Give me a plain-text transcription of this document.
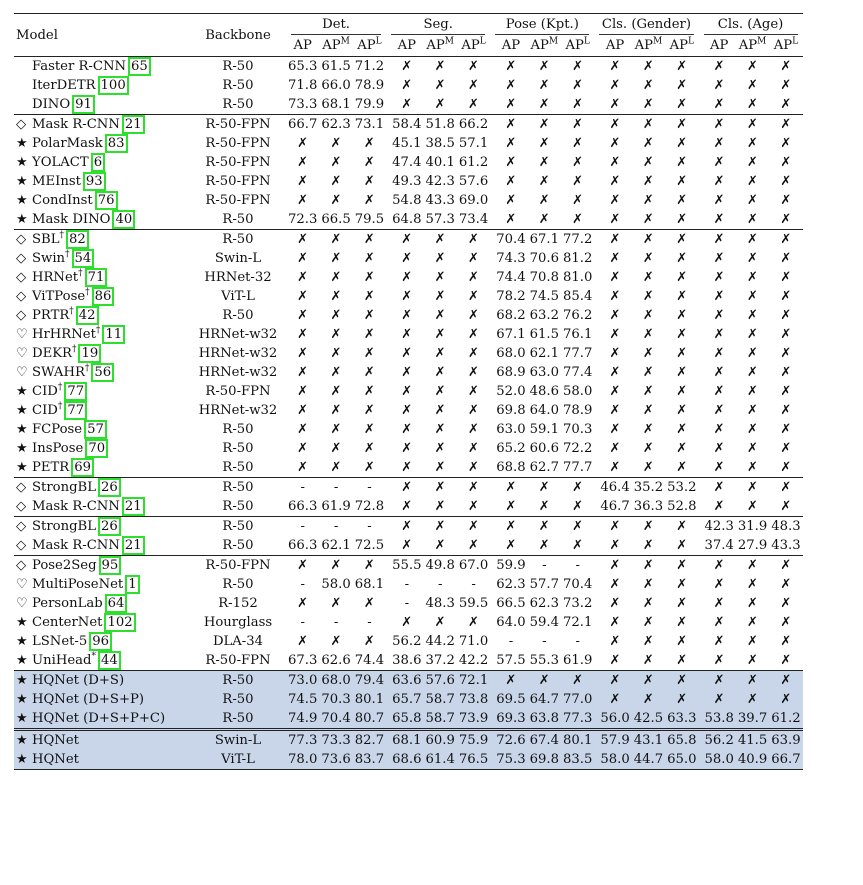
Model	Backbone	Det.			Seg.			Pose (Kpt.)			Cls. (Gender)			Cls. (Age)		
		AP	$AP^M$	$AP^L$	AP	$AP^M$	$AP^L$	AP	$AP^M$	$AP^L$	AP	$AP^M$	$AP^L$	AP	$AP^M$	$AP^L$
Faster R-CNN 65	R-50	65.3	61.5	71.2	✗	✗	✗	✗	✗	✗	✗	✗	✗	✗	✗	✗
IterDETR 100	R-50	71.8	66.0	78.9	✗	✗	✗	✗	✗	✗	✗	✗	✗	✗	✗	✗
DINO 91	R-50	73.3	68.1	79.9	✗	✗	✗	✗	✗	✗	✗	✗	✗	✗	✗	✗
◇ Mask R-CNN 21	R-50-FPN	66.7	62.3	73.1	58.4	51.8	66.2	✗	✗	✗	✗	✗	✗	✗	✗	✗
★ PolarMask 83	R-50-FPN	✗	✗	✗	45.1	38.5	57.1	✗	✗	✗	✗	✗	✗	✗	✗	✗
★ YOLACT 6	R-50-FPN	✗	✗	✗	47.4	40.1	61.2	✗	✗	✗	✗	✗	✗	✗	✗	✗
★ MEInst 93	R-50-FPN	✗	✗	✗	49.3	42.3	57.6	✗	✗	✗	✗	✗	✗	✗	✗	✗
★ CondInst 76	R-50-FPN	✗	✗	✗	54.8	43.3	69.0	✗	✗	✗	✗	✗	✗	✗	✗	✗
★ Mask DINO 40	R-50	72.3	66.5	79.5	64.8	57.3	73.4	✗	✗	✗	✗	✗	✗	✗	✗	✗
◇ SBL† 82	R-50	✗	✗	✗	✗	✗	✗	70.4	67.1	77.2	✗	✗	✗	✗	✗	✗
◇ Swin† 54	Swin-L	✗	✗	✗	✗	✗	✗	74.3	70.6	81.2	✗	✗	✗	✗	✗	✗
◇ HRNet† 71	HRNet-32	✗	✗	✗	✗	✗	✗	74.4	70.8	81.0	✗	✗	✗	✗	✗	✗
◇ ViTPose† 86	ViT-L	✗	✗	✗	✗	✗	✗	78.2	74.5	85.4	✗	✗	✗	✗	✗	✗
◇ PRTR† 42	R-50	✗	✗	✗	✗	✗	✗	68.2	63.2	76.2	✗	✗	✗	✗	✗	✗
♡ HrHRNet† 11	HRNet-w32	✗	✗	✗	✗	✗	✗	67.1	61.5	76.1	✗	✗	✗	✗	✗	✗
♡ DEKR† 19	HRNet-w32	✗	✗	✗	✗	✗	✗	68.0	62.1	77.7	✗	✗	✗	✗	✗	✗
♡ SWAHR† 56	HRNet-w32	✗	✗	✗	✗	✗	✗	68.9	63.0	77.4	✗	✗	✗	✗	✗	✗
★ CID† 77	R-50-FPN	✗	✗	✗	✗	✗	✗	52.0	48.6	58.0	✗	✗	✗	✗	✗	✗
★ CID† 77	HRNet-w32	✗	✗	✗	✗	✗	✗	69.8	64.0	78.9	✗	✗	✗	✗	✗	✗
★ FCPose 57	R-50	✗	✗	✗	✗	✗	✗	63.0	59.1	70.3	✗	✗	✗	✗	✗	✗
★ InsPose 70	R-50	✗	✗	✗	✗	✗	✗	65.2	60.6	72.2	✗	✗	✗	✗	✗	✗
★ PETR 69	R-50	✗	✗	✗	✗	✗	✗	68.8	62.7	77.7	✗	✗	✗	✗	✗	✗
◇ StrongBL 26	R-50	-	-	-	✗	✗	✗	✗	✗	✗	46.4	35.2	53.2	✗	✗	✗
◇ Mask R-CNN 21	R-50	66.3	61.9	72.8	✗	✗	✗	✗	✗	✗	46.7	36.3	52.8	✗	✗	✗
◇ StrongBL 26	R-50	-	-	-	✗	✗	✗	✗	✗	✗	✗	✗	✗	42.3	31.9	48.3
◇ Mask R-CNN 21	R-50	66.3	62.1	72.5	✗	✗	✗	✗	✗	✗	✗	✗	✗	37.4	27.9	43.3
◇ Pose2Seg 95	R-50-FPN	✗	✗	✗	55.5	49.8	67.0	59.9	-	-	✗	✗	✗	✗	✗	✗
♡ MultiPoseNet 1	R-50	-	58.0	68.1	-	-	-	62.3	57.7	70.4	✗	✗	✗	✗	✗	✗
♡ PersonLab 64	R-152	✗	✗	✗	-	48.3	59.5	66.5	62.3	73.2	✗	✗	✗	✗	✗	✗
★ CenterNet 102	Hourglass	-	-	-	✗	✗	✗	64.0	59.4	72.1	✗	✗	✗	✗	✗	✗
★ LSNet-5 96	DLA-34	✗	✗	✗	56.2	44.2	71.0	-	-	-	✗	✗	✗	✗	✗	✗
★ UniHead* 44	R-50-FPN	67.3	62.6	74.4	38.6	37.2	42.2	57.5	55.3	61.9	✗	✗	✗	✗	✗	✗
★ HQNet (D+S)	R-50	73.0	68.0	79.4	63.6	57.6	72.1	✗	✗	✗	✗	✗	✗	✗	✗	✗
★ HQNet (D+S+P)	R-50	74.5	70.3	80.1	65.7	58.7	73.8	69.5	64.7	77.0	✗	✗	✗	✗	✗	✗
★ HQNet (D+S+P+C)	R-50	74.9	70.4	80.7	65.8	58.7	73.9	69.3	63.8	77.3	56.0	42.5	63.3	53.8	39.7	61.2
★ HQNet	Swin-L	77.3	73.3	82.7	68.1	60.9	75.9	72.6	67.4	80.1	57.9	43.1	65.8	56.2	41.5	63.9
★ HQNet	ViT-L	78.0	73.6	83.7	68.6	61.4	76.5	75.3	69.8	83.5	58.0	44.7	65.0	58.0	40.9	66.7
